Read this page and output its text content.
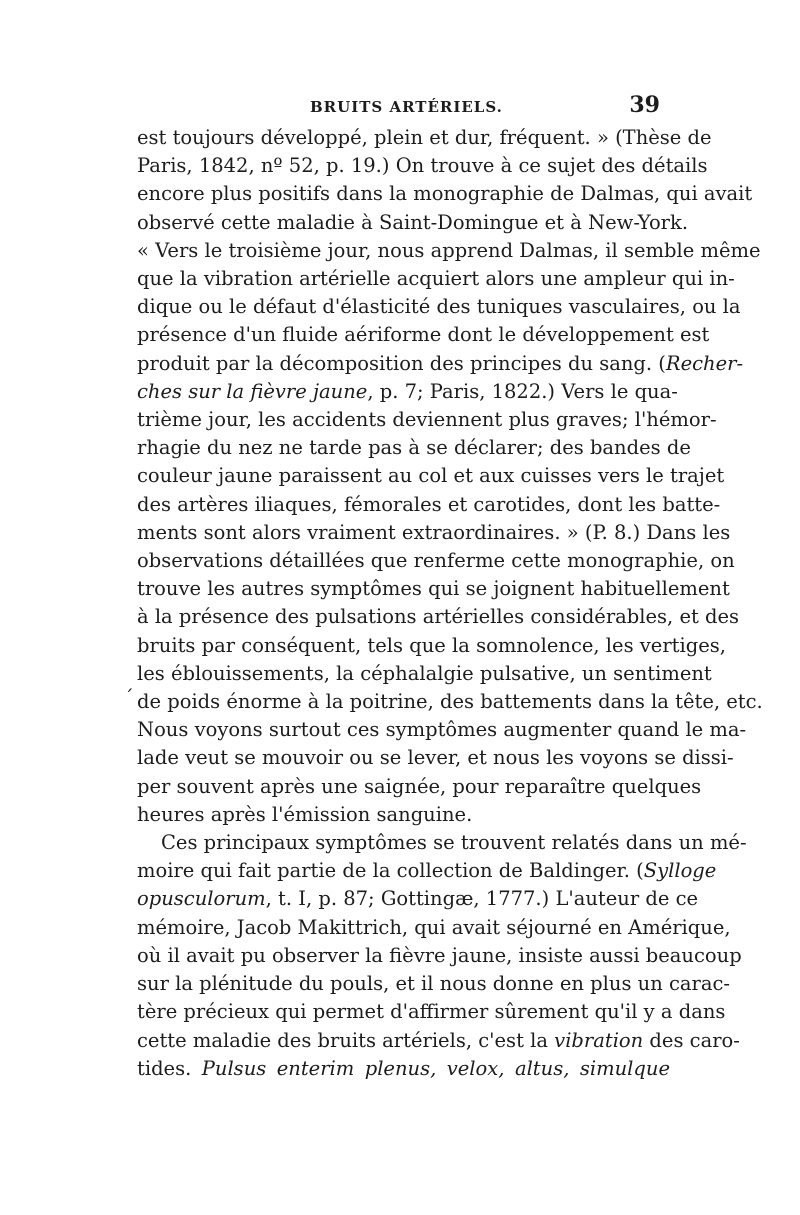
BRUITS ARTÉRIELS.	39
est toujours développé, plein et dur, fréquent. » (Thèse de
Paris, 1842, nº 52, p. 19.) On trouve à ce sujet des détails
encore plus positifs dans la monographie de Dalmas, qui avait
observé cette maladie à Saint-Domingue et à New-York.
« Vers le troisième jour, nous apprend Dalmas, il semble même
que la vibration artérielle acquiert alors une ampleur qui in-
dique ou le défaut d'élasticité des tuniques vasculaires, ou la
présence d'un fluide aériforme dont le développement est
produit par la décomposition des principes du sang. (Recher-
ches sur la fièvre jaune, p. 7; Paris, 1822.) Vers le qua-
trième jour, les accidents deviennent plus graves; l'hémor-
rhagie du nez ne tarde pas à se déclarer; des bandes de
couleur jaune paraissent au col et aux cuisses vers le trajet
des artères iliaques, fémorales et carotides, dont les batte-
ments sont alors vraiment extraordinaires. » (P. 8.) Dans les
observations détaillées que renferme cette monographie, on
trouve les autres symptômes qui se joignent habituellement
à la présence des pulsations artérielles considérables, et des
bruits par conséquent, tels que la somnolence, les vertiges,
les éblouissements, la céphalalgie pulsative, un sentiment
´ de poids énorme à la poitrine, des battements dans la tête, etc.
Nous voyons surtout ces symptômes augmenter quand le ma-
lade veut se mouvoir ou se lever, et nous les voyons se dissi-
per souvent après une saignée, pour reparaître quelques
heures après l'émission sanguine.
Ces principaux symptômes se trouvent relatés dans un mé-
moire qui fait partie de la collection de Baldinger. (Sylloge
opusculorum, t. I, p. 87; Gottingæ, 1777.) L'auteur de ce
mémoire, Jacob Makittrich, qui avait séjourné en Amérique,
où il avait pu observer la fièvre jaune, insiste aussi beaucoup
sur la plénitude du pouls, et il nous donne en plus un carac-
tère précieux qui permet d'affirmer sûrement qu'il y a dans
cette maladie des bruits artériels, c'est la vibration des caro-
tides. Pulsus enterim plenus, velox, altus, simulque
